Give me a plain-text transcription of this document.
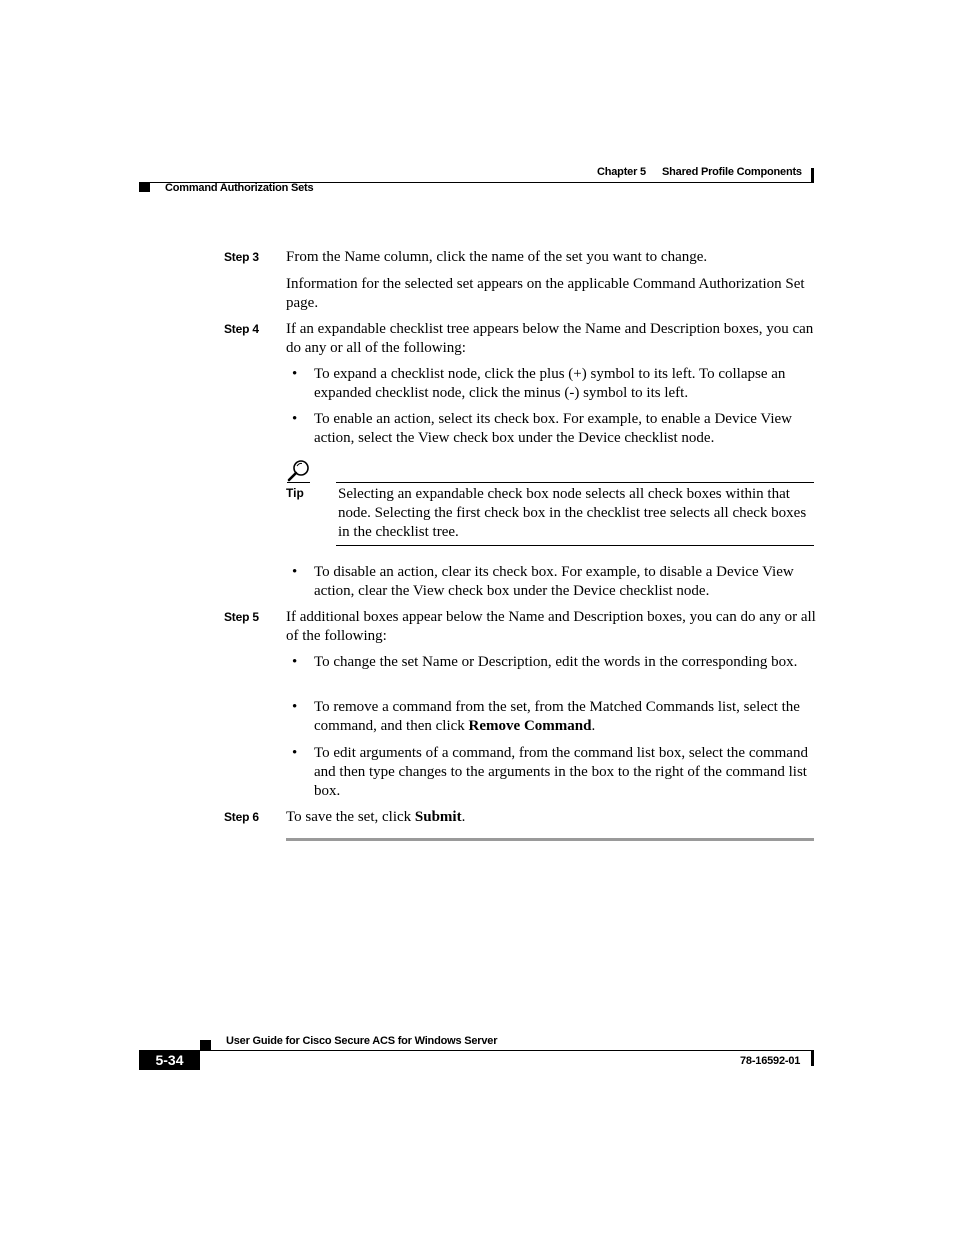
Chapter 5 Shared Profile Components
Command Authorization Sets
Step 3 From the Name column, click the name of the set you want to change.
Information for the selected set appears on the applicable Command Authorization Set page.
Step 4 If an expandable checklist tree appears below the Name and Description boxes, you can do any or all of the following:
• To expand a checklist node, click the plus (+) symbol to its left. To collapse an expanded checklist node, click the minus (-) symbol to its left.
• To enable an action, select its check box. For example, to enable a Device View action, select the View check box under the Device checklist node.
Tip Selecting an expandable check box node selects all check boxes within that node. Selecting the first check box in the checklist tree selects all check boxes in the checklist tree.
• To disable an action, clear its check box. For example, to disable a Device View action, clear the View check box under the Device checklist node.
Step 5 If additional boxes appear below the Name and Description boxes, you can do any or all of the following:
• To change the set Name or Description, edit the words in the corresponding box.
• To remove a command from the set, from the Matched Commands list, select the command, and then click Remove Command.
• To edit arguments of a command, from the command list box, select the command and then type changes to the arguments in the box to the right of the command list box.
Step 6 To save the set, click Submit.
User Guide for Cisco Secure ACS for Windows Server
5-34	78-16592-01
